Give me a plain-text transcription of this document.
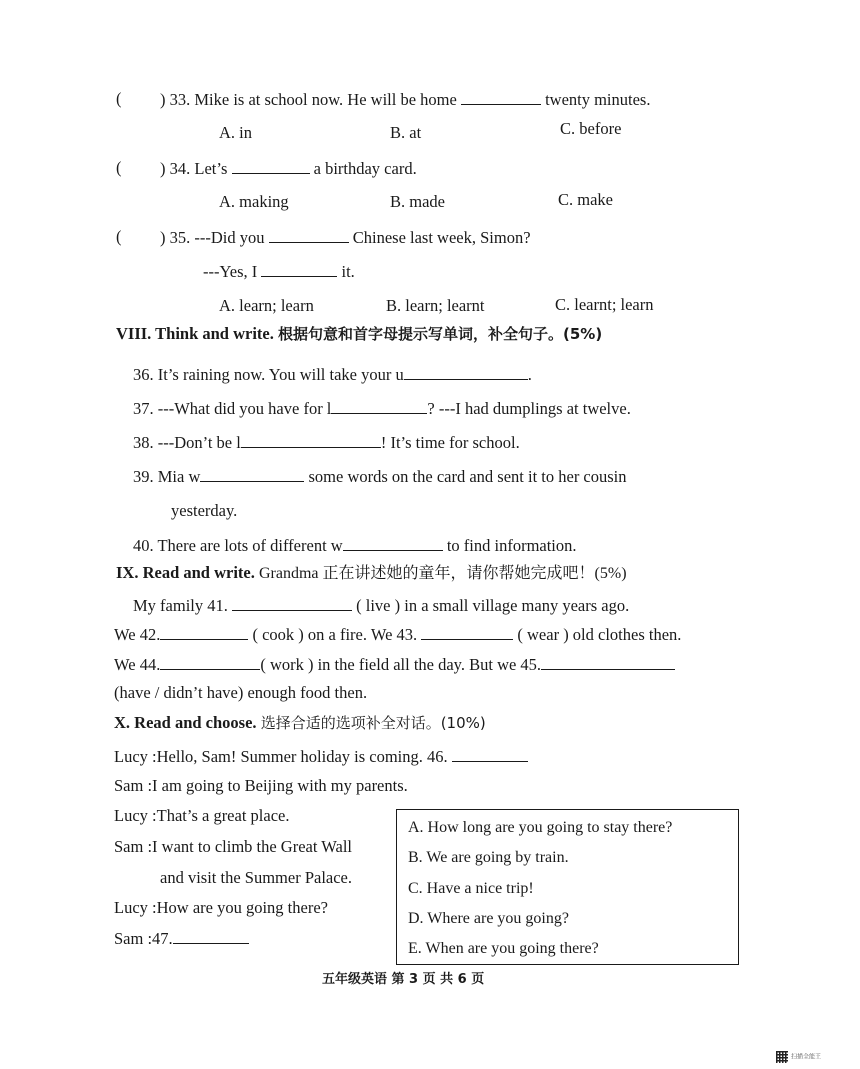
( ) 33. Mike is at school now. He will be home	twenty minutes.
A. in	B. at	C. before
( ) 34. Let’s	a birthday card.
A. making	B. made	C. make
( ) 35. ---Did you	Chinese last week, Simon?
---Yes, I	it.
A. learn; learn	B. learn; learnt	C. learnt; learn
VIII. Think and write. 根据句意和首字母提示写单词，补全句子。(5%)
36. It’s raining now. You will take your u	.
37. ---What did you have for l	? ---I had dumplings at twelve.
38. ---Don’t be l	! It’s time for school.
39. Mia w	some words on the card and sent it to her cousin
yesterday.
40. There are lots of different w	to find information.
IX. Read and write. Grandma 正在讲述她的童年，请你帮她完成吧！(5%)
My family 41.	( live ) in a small village many years ago.
We 42.	( cook ) on a fire. We 43.	( wear ) old clothes then.
We 44.	( work ) in the field all the day. But we 45.
(have / didn’t have) enough food then.
X. Read and choose. 选择合适的选项补全对话。(10%)
Lucy :Hello, Sam! Summer holiday is coming. 46.
Sam :I am going to Beijing with my parents.
Lucy :That’s a great place.
Sam :I want to climb the Great Wall
and visit the Summer Palace.
Lucy :How are you going there?
Sam :47.
A. How long are you going to stay there?
B. We are going by train.
C. Have a nice trip!
D. Where are you going?
E. When are you going there?
五年级英语 第 3 页 共 6 页
扫描全能王
